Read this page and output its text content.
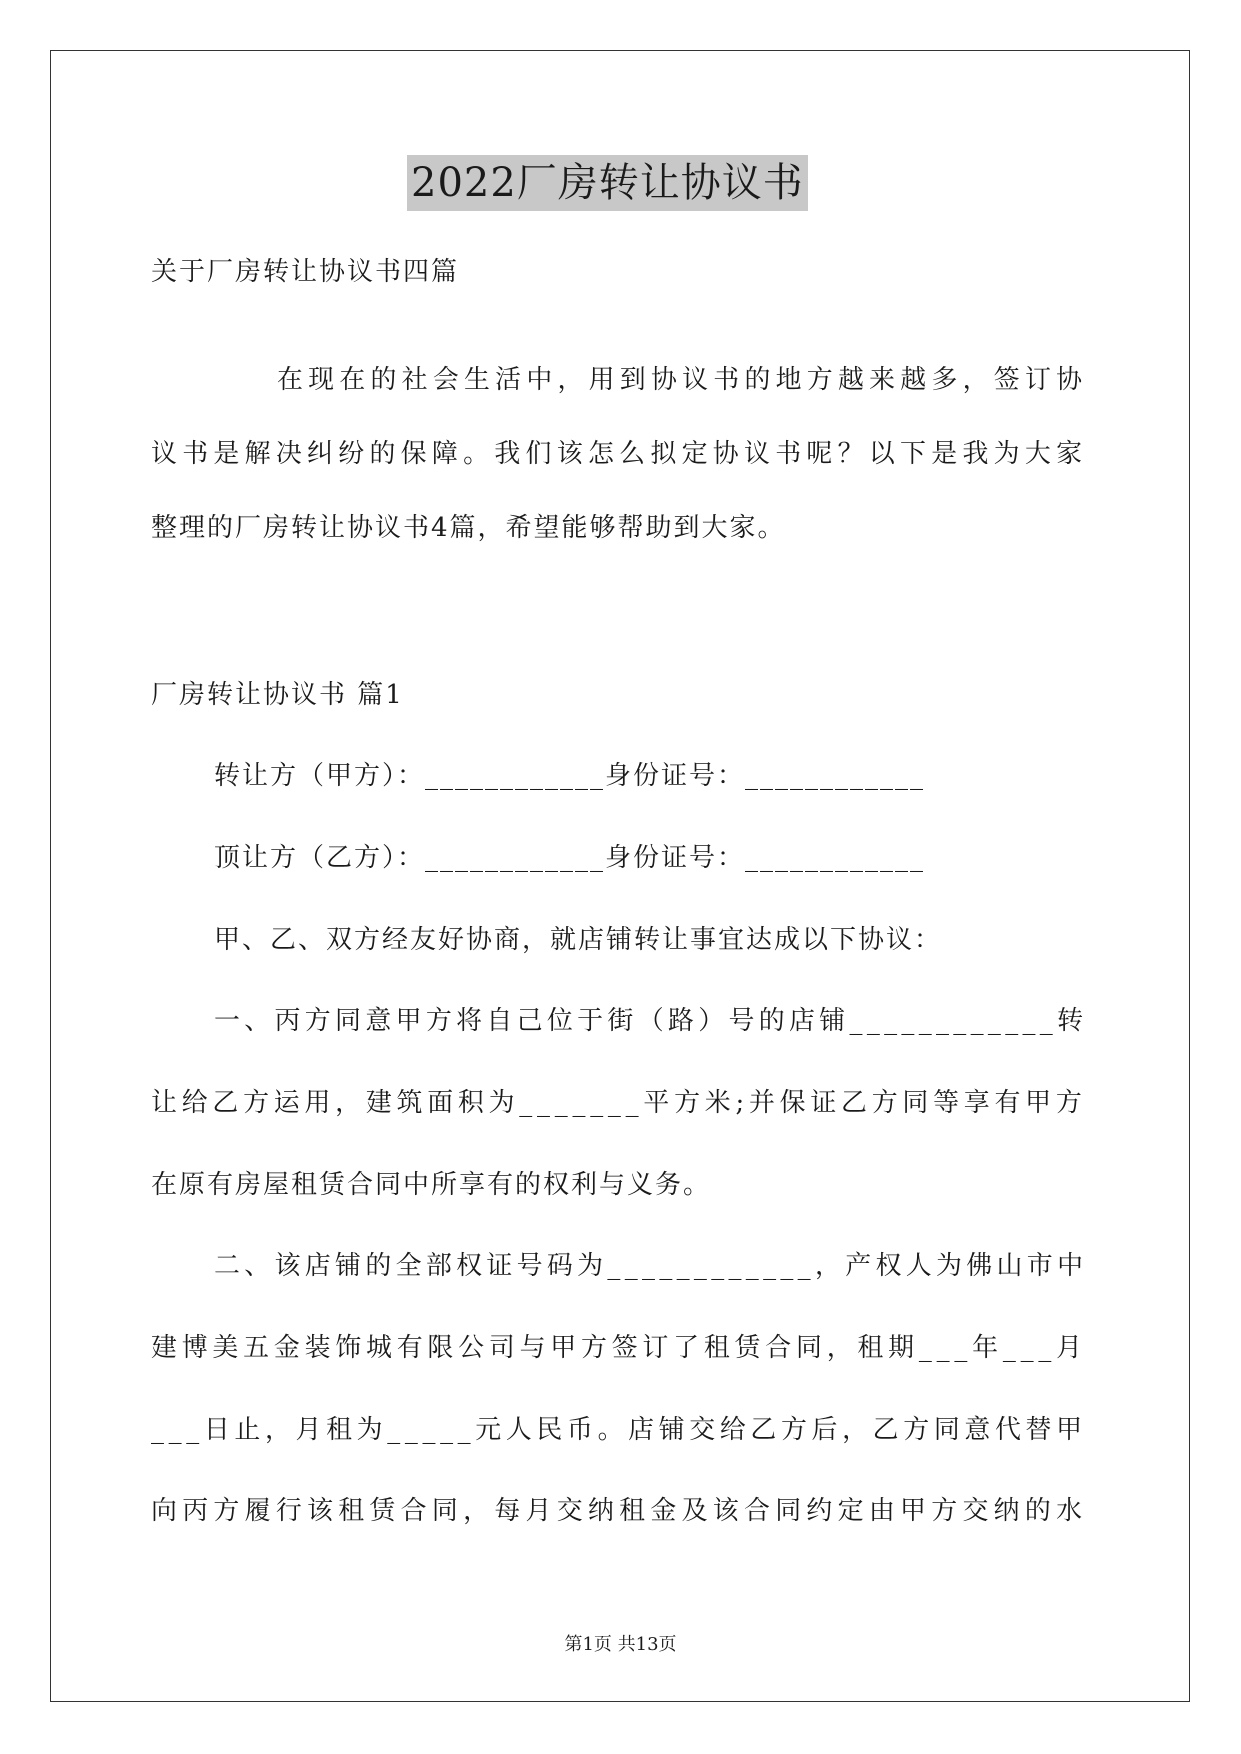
2022厂房转让协议书
关于厂房转让协议书四篇
在现在的社会生活中，用到协议书的地方越来越多，签订协
议书是解决纠纷的保障。我们该怎么拟定协议书呢？以下是我为大家
整理的厂房转让协议书4篇，希望能够帮助到大家。
厂房转让协议书 篇1
转让方（甲方）：____________身份证号：____________
顶让方（乙方）：____________身份证号：____________
甲、乙、双方经友好协商，就店铺转让事宜达成以下协议：
一、丙方同意甲方将自己位于街（路）号的店铺____________转
让给乙方运用，建筑面积为_______平方米;并保证乙方同等享有甲方
在原有房屋租赁合同中所享有的权利与义务。
二、该店铺的全部权证号码为____________，产权人为佛山市中
建博美五金装饰城有限公司与甲方签订了租赁合同，租期___年___月
___日止，月租为_____元人民币。店铺交给乙方后，乙方同意代替甲
向丙方履行该租赁合同，每月交纳租金及该合同约定由甲方交纳的水
第1页 共13页
